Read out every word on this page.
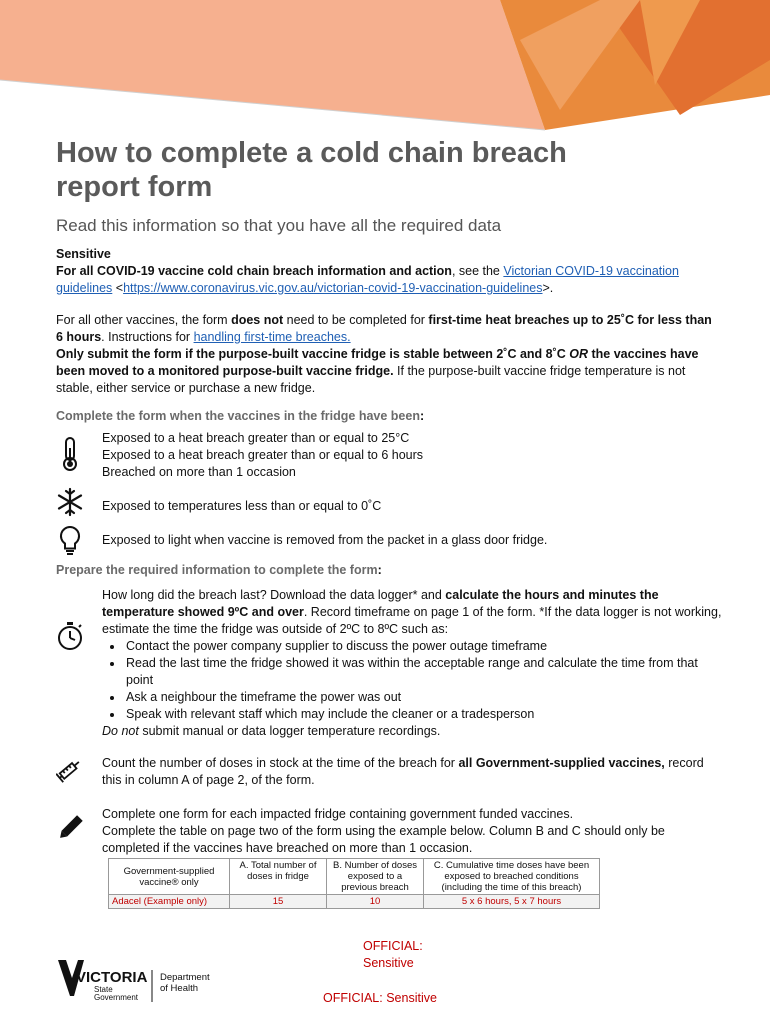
How to complete a cold chain breach report form
Read this information so that you have all the required data
Sensitive
For all COVID-19 vaccine cold chain breach information and action, see the Victorian COVID-19 vaccination guidelines <https://www.coronavirus.vic.gov.au/victorian-covid-19-vaccination-guidelines>.
For all other vaccines, the form does not need to be completed for first-time heat breaches up to 25˚C for less than 6 hours. Instructions for handling first-time breaches.
Only submit the form if the purpose-built vaccine fridge is stable between 2˚C and 8˚C OR the vaccines have been moved to a monitored purpose-built vaccine fridge. If the purpose-built vaccine fridge temperature is not stable, either service or purchase a new fridge.
Complete the form when the vaccines in the fridge have been:
Exposed to a heat breach greater than or equal to 25°C
Exposed to a heat breach greater than or equal to 6 hours
Breached on more than 1 occasion
Exposed to temperatures less than or equal to 0˚C
Exposed to light when vaccine is removed from the packet in a glass door fridge.
Prepare the required information to complete the form:
How long did the breach last? Download the data logger* and calculate the hours and minutes the temperature showed 9ºC and over. Record timeframe on page 1 of the form. *If the data logger is not working, estimate the time the fridge was outside of 2ºC to 8ºC such as:
• Contact the power company supplier to discuss the power outage timeframe
• Read the last time the fridge showed it was within the acceptable range and calculate the time from that point
• Ask a neighbour the timeframe the power was out
• Speak with relevant staff which may include the cleaner or a tradesperson
Do not submit manual or data logger temperature recordings.
Count the number of doses in stock at the time of the breach for all Government-supplied vaccines, record this in column A of page 2, of the form.
Complete one form for each impacted fridge containing government funded vaccines.
Complete the table on page two of the form using the example below. Column B and C should only be completed if the vaccines have breached on more than 1 occasion.
Government-supplied vaccine® only	A. Total number of doses in fridge	B. Number of doses exposed to a previous breach	C. Cumulative time doses have been exposed to breached conditions (including the time of this breach)
Adacel (Example only)	15	10	5 x 6 hours, 5 x 7 hours
OFFICIAL: Sensitive
OFFICIAL: Sensitive
VICTORIA
State
Government
Department
of Health
